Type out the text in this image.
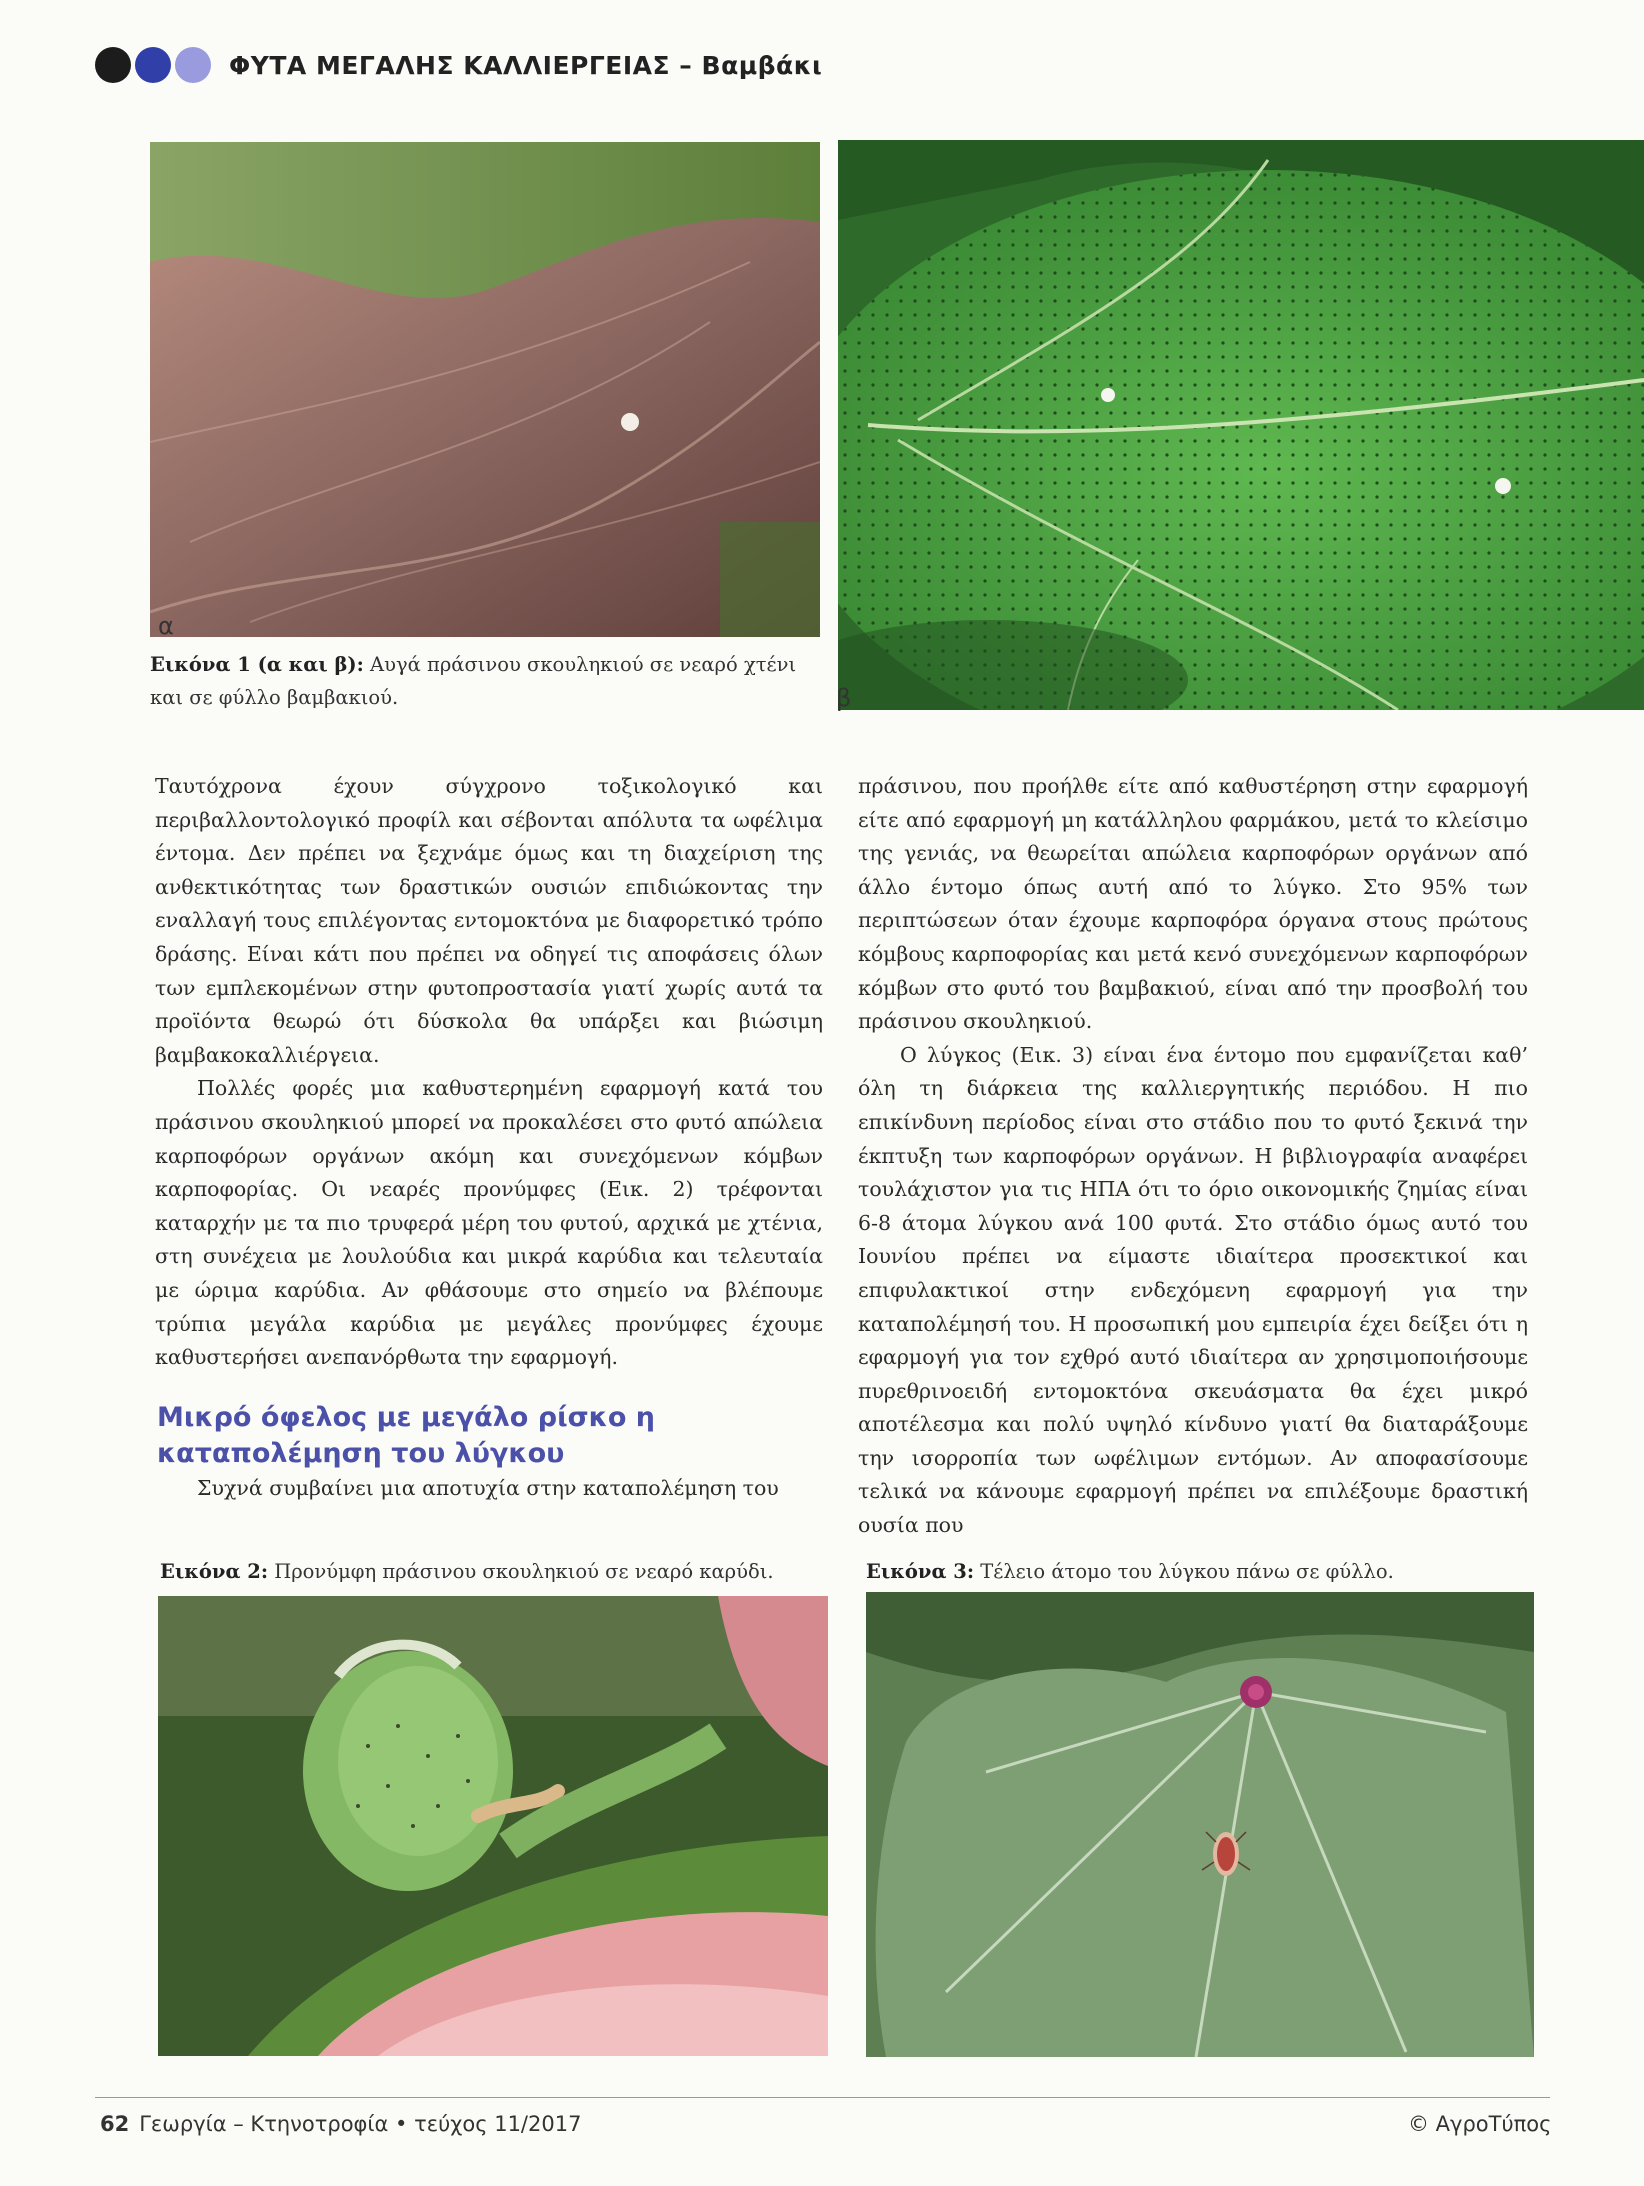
ΦΥΤΑ ΜΕΓΑΛΗΣ ΚΑΛΛΙΕΡΓΕΙΑΣ – Βαμβάκι
α
β
Εικόνα 1 (α και β): Αυγά πράσινου σκουληκιού σε νεαρό χτένι και σε φύλλο βαμβακιού.

Ταυτόχρονα έχουν σύγχρονο τοξικολογικό και περιβαλλοντολογικό προφίλ και σέβονται απόλυτα τα ωφέλιμα έντομα. Δεν πρέπει να ξεχνάμε όμως και τη διαχείριση της ανθεκτικότητας των δραστικών ουσιών επιδιώκοντας την εναλλαγή τους επιλέγοντας εντομοκτόνα με διαφορετικό τρόπο δράσης. Είναι κάτι που πρέπει να οδηγεί τις αποφάσεις όλων των εμπλεκομένων στην φυτοπροστασία γιατί χωρίς αυτά τα προϊόντα θεωρώ ότι δύσκολα θα υπάρξει και βιώσιμη βαμβακοκαλλιέργεια.

Πολλές φορές μια καθυστερημένη εφαρμογή κατά του πράσινου σκουληκιού μπορεί να προκαλέσει στο φυτό απώλεια καρποφόρων οργάνων ακόμη και συνεχόμενων κόμβων καρποφορίας. Οι νεαρές προνύμφες (Εικ. 2) τρέφονται καταρχήν με τα πιο τρυφερά μέρη του φυτού, αρχικά με χτένια, στη συνέχεια με λουλούδια και μικρά καρύδια και τελευταία με ώριμα καρύδια. Αν φθάσουμε στο σημείο να βλέπουμε τρύπια μεγάλα καρύδια με μεγάλες προνύμφες έχουμε καθυστερήσει ανεπανόρθωτα την εφαρμογή.

Μικρό όφελος με μεγάλο ρίσκο η καταπολέμηση του λύγκου

Συχνά συμβαίνει μια αποτυχία στην καταπολέμηση του

πράσινου, που προήλθε είτε από καθυστέρηση στην εφαρμογή είτε από εφαρμογή μη κατάλληλου φαρμάκου, μετά το κλείσιμο της γενιάς, να θεωρείται απώλεια καρποφόρων οργάνων από άλλο έντομο όπως αυτή από το λύγκο. Στο 95% των περιπτώσεων όταν έχουμε καρποφόρα όργανα στους πρώτους κόμβους καρποφορίας και μετά κενό συνεχόμενων καρποφόρων κόμβων στο φυτό του βαμβακιού, είναι από την προσβολή του πράσινου σκουληκιού.

Ο λύγκος (Εικ. 3) είναι ένα έντομο που εμφανίζεται καθ’ όλη τη διάρκεια της καλλιεργητικής περιόδου. Η πιο επικίνδυνη περίοδος είναι στο στάδιο που το φυτό ξεκινά την έκπτυξη των καρποφόρων οργάνων. Η βιβλιογραφία αναφέρει τουλάχιστον για τις ΗΠΑ ότι το όριο οικονομικής ζημίας είναι 6-8 άτομα λύγκου ανά 100 φυτά. Στο στάδιο όμως αυτό του Ιουνίου πρέπει να είμαστε ιδιαίτερα προσεκτικοί και επιφυλακτικοί στην ενδεχόμενη εφαρμογή για την καταπολέμησή του. Η προσωπική μου εμπειρία έχει δείξει ότι η εφαρμογή για τον εχθρό αυτό ιδιαίτερα αν χρησιμοποιήσουμε πυρεθρινοειδή εντομοκτόνα σκευάσματα θα έχει μικρό αποτέλεσμα και πολύ υψηλό κίνδυνο γιατί θα διαταράξουμε την ισορροπία των ωφέλιμων εντόμων. Αν αποφασίσουμε τελικά να κάνουμε εφαρμογή πρέπει να επιλέξουμε δραστική ουσία που

Εικόνα 2: Προνύμφη πράσινου σκουληκιού σε νεαρό καρύδι.	Εικόνα 3: Τέλειο άτομο του λύγκου πάνω σε φύλλο.
62 Γεωργία – Κτηνοτροφία • τεύχος 11/2017	© ΑγροΤύπος
